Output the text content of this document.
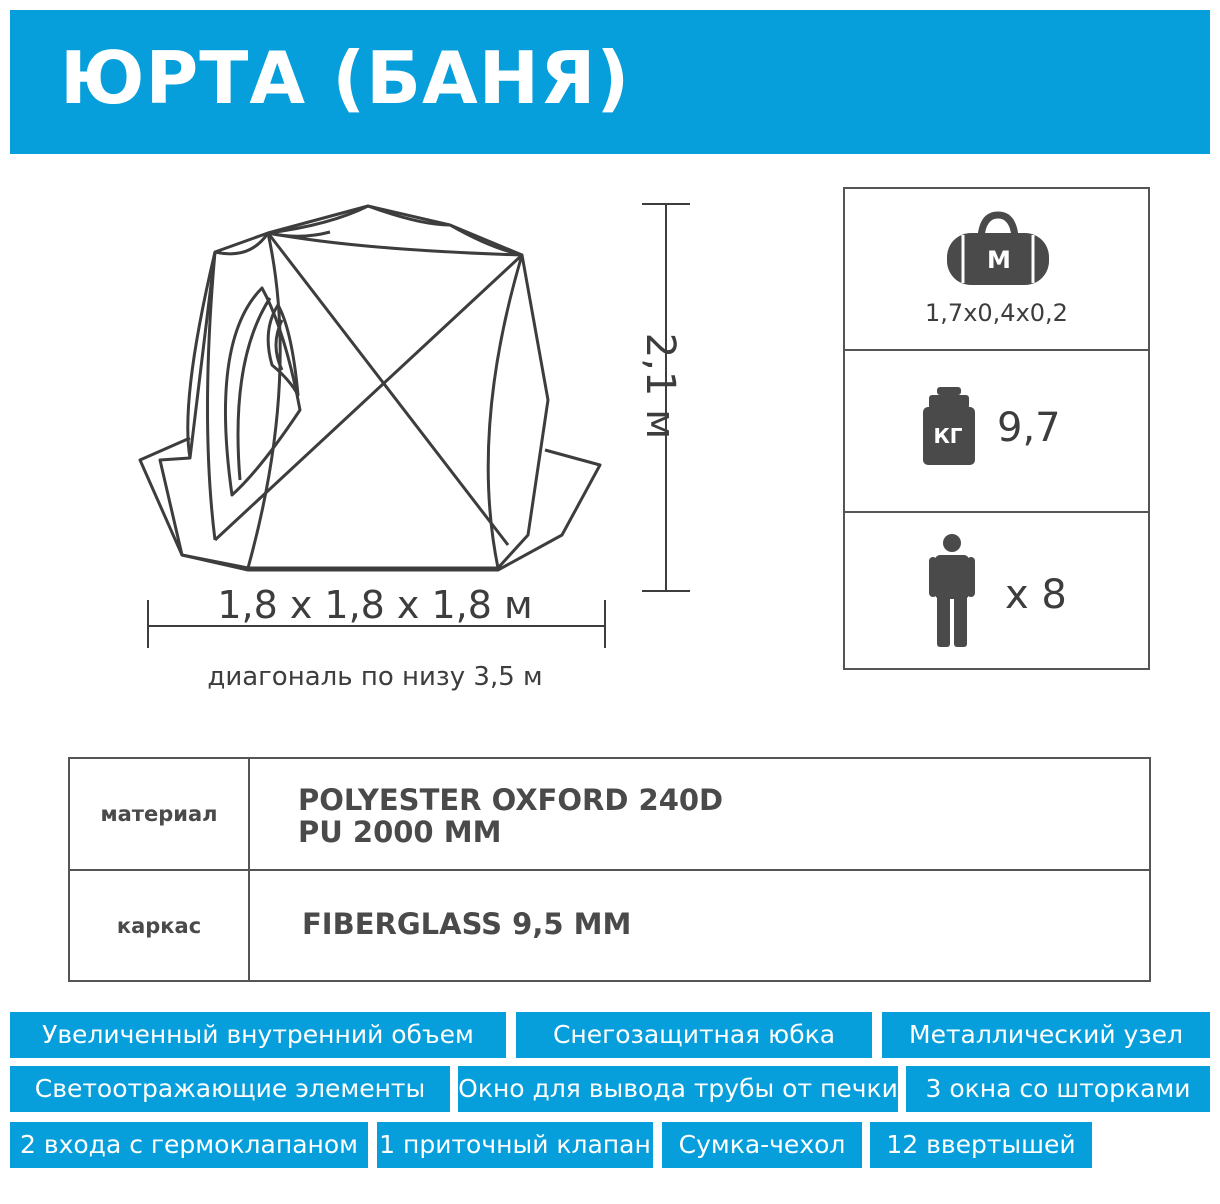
ЮРТА (БАНЯ)
2,1 м
1,8 х 1,8 х 1,8 м
диагональ по низу 3,5 м
М
1,7х0,4х0,2
КГ 9,7
х 8
материал	POLYESTER OXFORD 240D
PU 2000 MM
каркас	FIBERGLASS 9,5 MM
Увеличенный внутренний объем	Снегозащитная юбка	Металлический узел
Светоотражающие элементы	Окно для вывода трубы от печки	3 окна со шторками
2 входа с гермоклапаном 1 приточный клапан	Сумка-чехол	12 ввертышей
